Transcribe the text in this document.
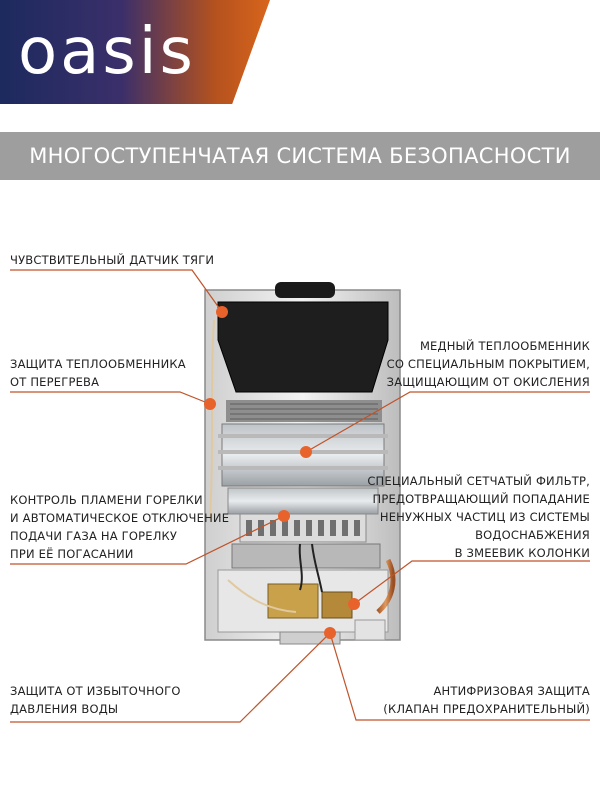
oasis
МНОГОСТУПЕНЧАТАЯ СИСТЕМА БЕЗОПАСНОСТИ
ЧУВСТВИТЕЛЬНЫЙ ДАТЧИК ТЯГИ
ЗАЩИТА ТЕПЛООБМЕННИКА
ОТ ПЕРЕГРЕВА
КОНТРОЛЬ ПЛАМЕНИ ГОРЕЛКИ
И АВТОМАТИЧЕСКОЕ ОТКЛЮЧЕНИЕ
ПОДАЧИ ГАЗА НА ГОРЕЛКУ
ПРИ ЕЁ ПОГАСАНИИ
ЗАЩИТА ОТ ИЗБЫТОЧНОГО
ДАВЛЕНИЯ ВОДЫ
МЕДНЫЙ ТЕПЛООБМЕННИК
СО СПЕЦИАЛЬНЫМ ПОКРЫТИЕМ,
ЗАЩИЩАЮЩИМ ОТ ОКИСЛЕНИЯ
СПЕЦИАЛЬНЫЙ СЕТЧАТЫЙ ФИЛЬТР,
ПРЕДОТВРАЩАЮЩИЙ ПОПАДАНИЕ
НЕНУЖНЫХ ЧАСТИЦ ИЗ СИСТЕМЫ
ВОДОСНАБЖЕНИЯ
В ЗМЕЕВИК КОЛОНКИ
АНТИФРИЗОВАЯ ЗАЩИТА
(КЛАПАН ПРЕДОХРАНИТЕЛЬНЫЙ)
